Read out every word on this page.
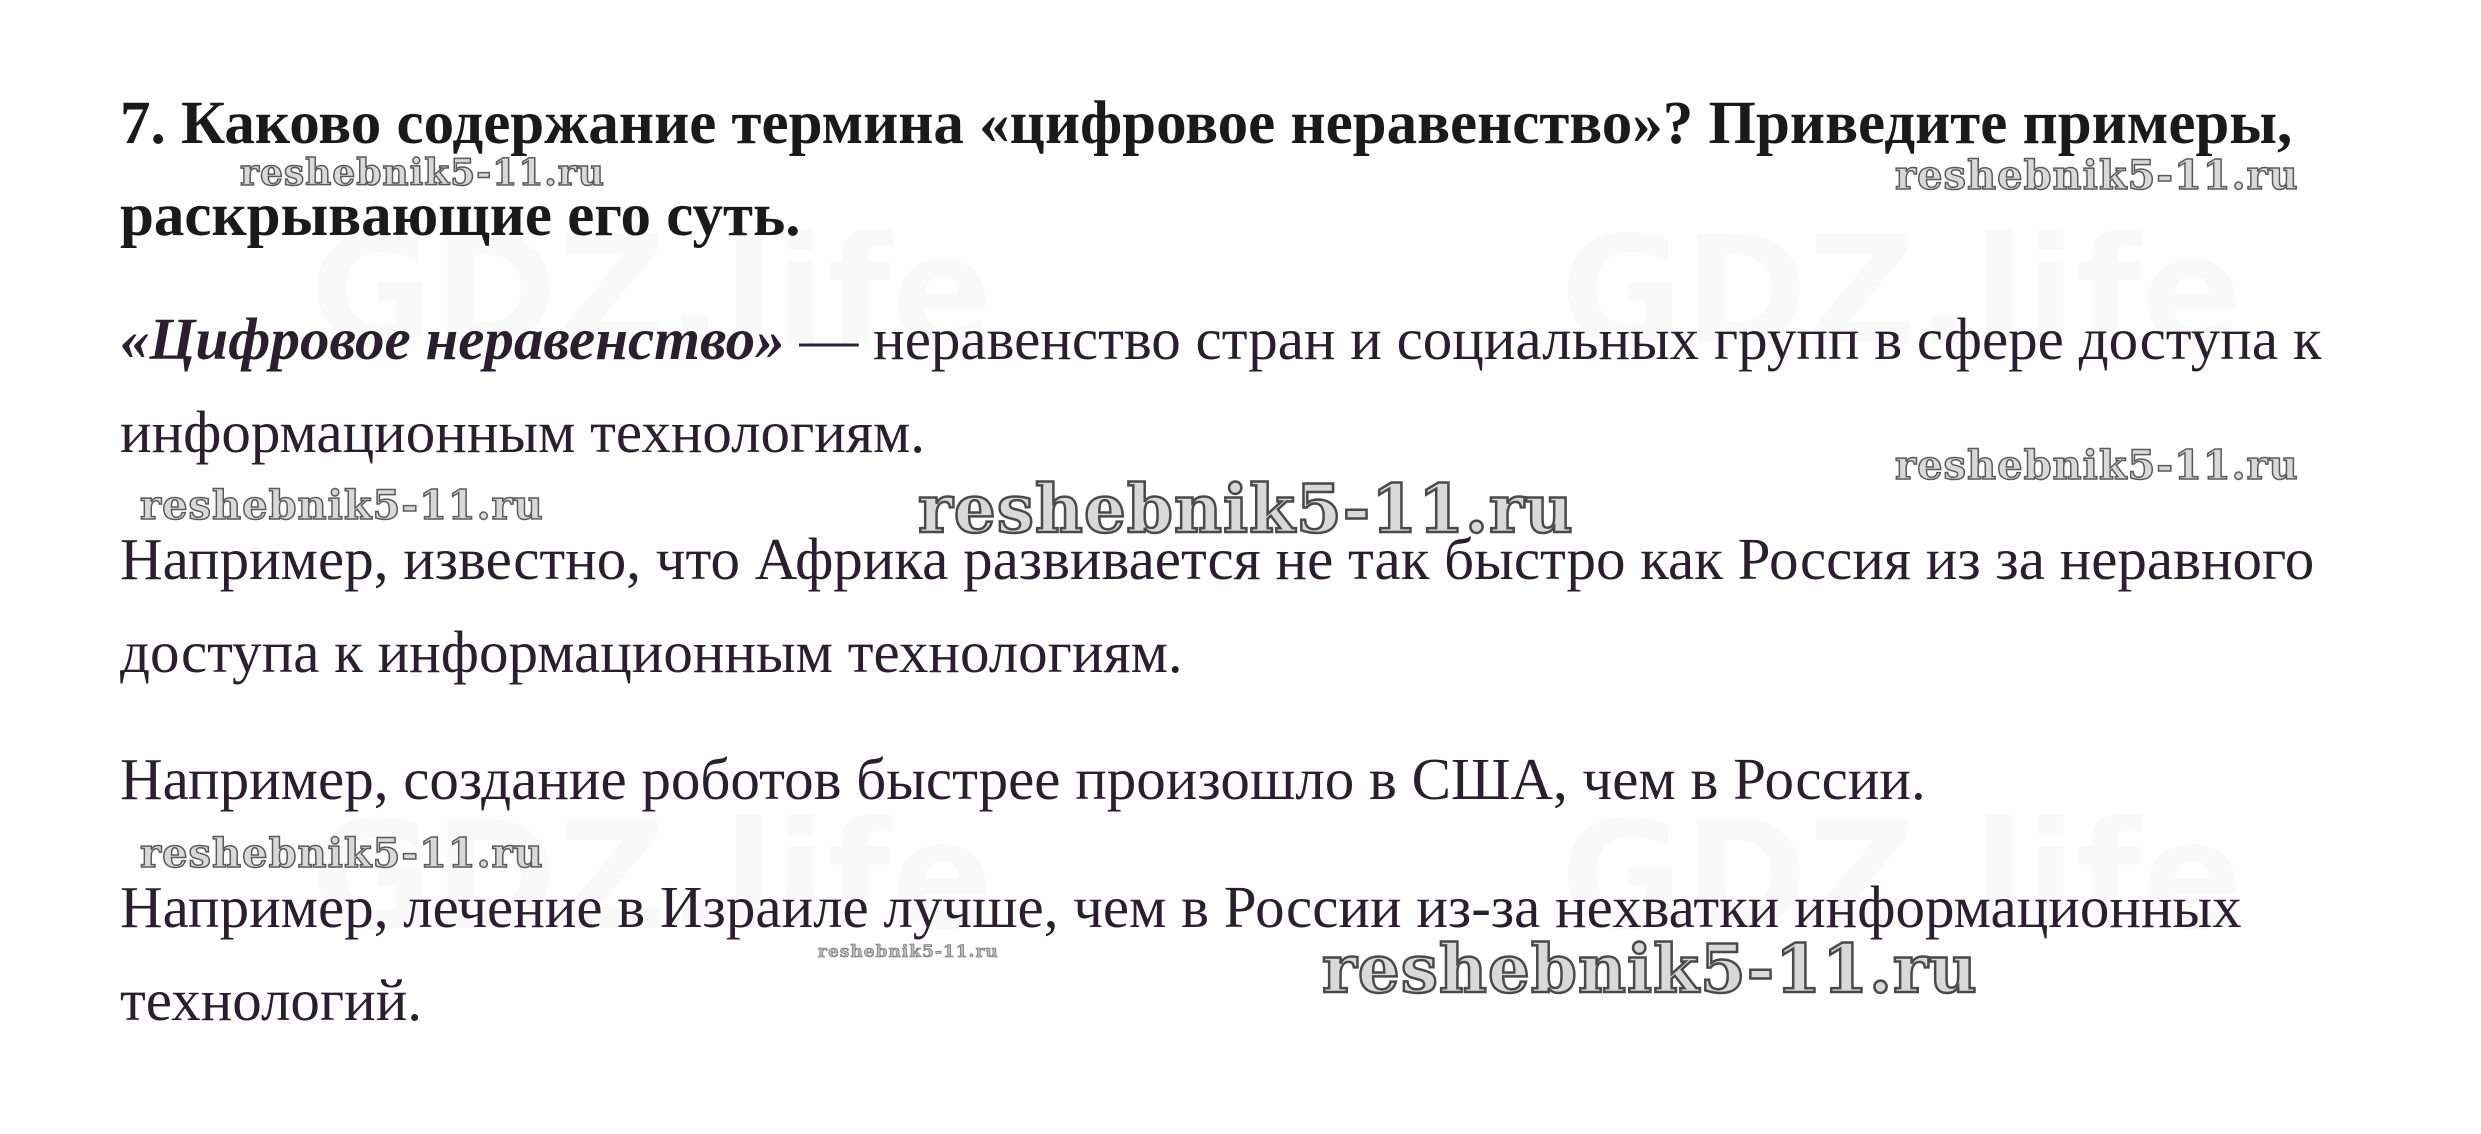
7. Каково содержание термина «цифровое неравенство»? Приведите примеры, раскрывающие его суть.

«Цифровое неравенство» — неравенство стран и социальных групп в сфере доступа к информационным технологиям.

Например, известно, что Африка развивается не так быстро как Россия из за неравного доступа к информационным технологиям.

Например, создание роботов быстрее произошло в США, чем в России.

Например, лечение в Израиле лучше, чем в России из-за нехватки информационных технологий.

reshebnik5-11.ru	reshebnik5-11.ru
reshebnik5-11.ru
reshebnik5-11.ru	reshebnik5-11.ru
reshebnik5-11.ru
reshebnik5-11.ru	reshebnik5-11.ru
